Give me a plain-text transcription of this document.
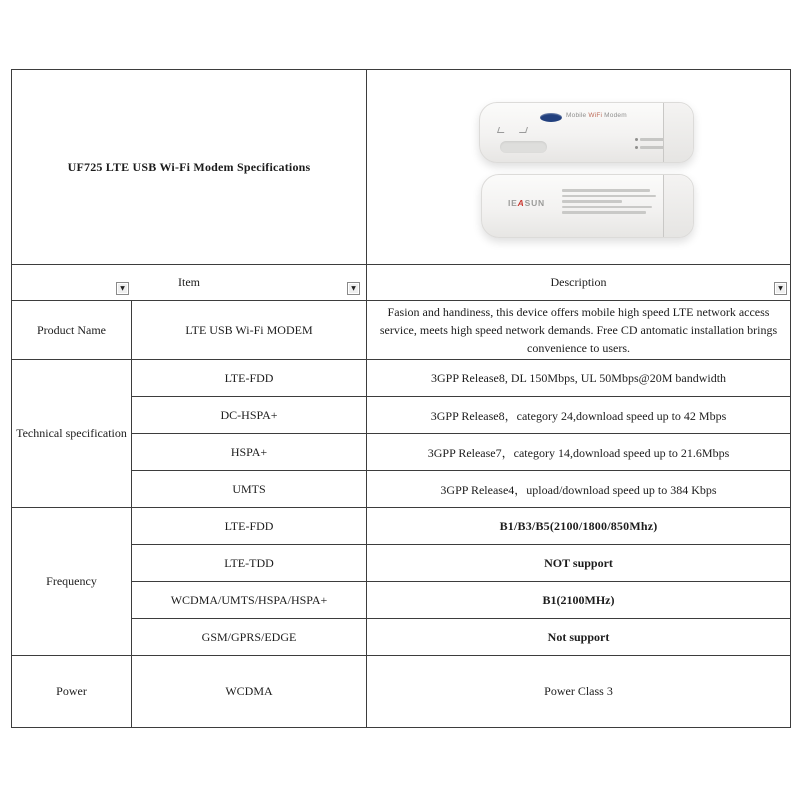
UF725 LTE USB Wi-Fi Modem Specifications		Mobile WiFi Modem
IEASUN

Item		Description
Product Name	LTE USB Wi-Fi MODEM	Fasion and handiness, this device offers mobile high speed LTE network access service, meets high speed network demands. Free CD antomatic installation brings convenience to users.

Technical specification	LTE-FDD	3GPP Release8, DL 150Mbps, UL 50Mbps@20M bandwidth
	DC-HSPA+	3GPP Release8，category 24,download speed up to 42 Mbps
	HSPA+	3GPP Release7，category 14,download speed up to 21.6Mbps
	UMTS	3GPP Release4，upload/download speed up to 384 Kbps
Frequency	LTE-FDD	B1/B3/B5(2100/1800/850Mhz)
	LTE-TDD	NOT support
	WCDMA/UMTS/HSPA/HSPA+	B1(2100MHz)
	GSM/GPRS/EDGE	Not support
Power	WCDMA	Power Class 3
▼	▼	▼
